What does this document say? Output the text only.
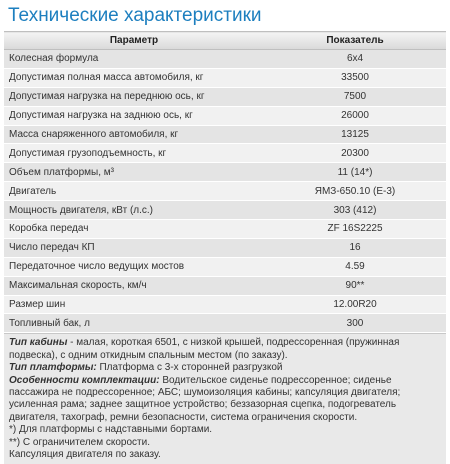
Технические характеристики
Параметр	Показатель
Колесная формула	6х4
Допустимая полная масса автомобиля, кг	33500
Допустимая нагрузка на переднюю ось, кг	7500
Допустимая нагрузка на заднюю ось, кг	26000
Масса снаряженного автомобиля, кг	13125
Допустимая грузоподъемность, кг	20300
Объем платформы, м³	11 (14*)
Двигатель	ЯМЗ-650.10 (Е-3)
Мощность двигателя, кВт (л.с.)	303 (412)
Коробка передач	ZF 16S2225
Число передач КП	16
Передаточное число ведущих мостов	4.59
Максимальная скорость, км/ч	90**
Размер шин	12.00R20
Топливный бак, л	300

Тип кабины - малая, короткая 6501, с низкой крышей, подрессоренная (пружинная подвеска), с одним откидным спальным местом (по заказу).

Тип платформы: Платформа с 3-х сторонней разгрузкой

Особенности комплектации: Водительское сиденье подрессоренное; сиденье пассажира не подрессоренное; АБС; шумоизоляция кабины; капсуляция двигателя; усиленная рама; заднее защитное устройство; беззазорная сцепка, подогреватель двигателя, тахограф, ремни безопасности, система ограничения скорости.

*) Для платформы с надставными бортами.

**) С ограничителем скорости.

Капсуляция двигателя по заказу.
